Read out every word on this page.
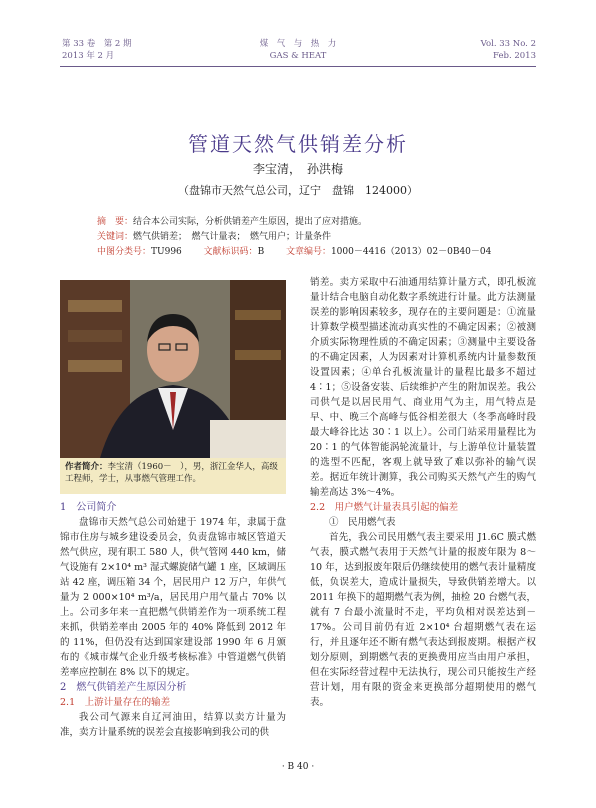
第 33 卷　第 2 期
2013 年 2 月
煤　气　与　热　力
GAS & HEAT
Vol. 33 No. 2
Feb. 2013
管道天然气供销差分析
李宝清，　孙洪梅
（盘锦市天然气总公司，辽宁　盘锦　124000）
摘　要：结合本公司实际，分析供销差产生原因，提出了应对措施。
关键词：燃气供销差；　燃气计量表；　燃气用户；计量条件
中图分类号：TU996 文献标识码：B 文章编号：1000－4416（2013）02－0B40－04
作者简介：李宝清（1960－　），男，浙江金华人，高级工程师，学士，从事燃气管理工作。
1　公司简介

盘锦市天然气总公司始建于 1974 年，隶属于盘锦市住房与城乡建设委员会，负责盘锦市城区管道天然气供应，现有职工 580 人，供气管网 440 km，储气设施有 2×10⁴ m³ 湿式螺旋储气罐 1 座，区域调压站 42 座，调压箱 34 个，居民用户 12 万户，年供气量为 2 000×10⁴ m³/a，居民用户用气量占 70% 以上。公司多年来一直把燃气供销差作为一项系统工程来抓，供销差率由 2005 年的 40% 降低到 2012 年的 11%，但仍没有达到国家建设部 1990 年 6 月颁布的《城市煤气企业升级考核标准》中管道燃气供销差率应控制在 8% 以下的规定。

2　燃气供销差产生原因分析
2.1　上游计量存在的输差

我公司气源来自辽河油田，结算以卖方计量为准，卖方计量系统的误差会直接影响到我公司的供

销差。卖方采取中石油通用结算计量方式，即孔板流量计结合电脑自动化数字系统进行计量。此方法测量误差的影响因素较多，现存在的主要问题是：①流量计算数学模型描述流动真实性的不确定因素；②被测介质实际物理性质的不确定因素；③测量中主要设备的不确定因素，人为因素对计算机系统内计量参数预设置因素；④单台孔板流量计的量程比最多不超过 4∶1；⑤设备安装、后续维护产生的附加误差。我公司供气是以居民用气、商业用气为主，用气特点是早、中、晚三个高峰与低谷相差很大（冬季高峰时段最大峰谷比达 30∶1 以上）。公司门站采用量程比为 20∶1 的气体智能涡轮流量计，与上游单位计量装置的选型不匹配，客观上就导致了难以弥补的输气误差。据近年统计测算，我公司购买天然气产生的购气输差高达 3%～4%。

2.2　用户燃气计量表具引起的偏差
①　民用燃气表

首先，我公司民用燃气表主要采用 J1.6C 膜式燃气表，膜式燃气表用于天然气计量的报废年限为 8～10 年，达到报废年限后仍继续使用的燃气表计量精度低，负误差大，造成计量损失，导致供销差增大。以 2011 年换下的超期燃气表为例，抽检 20 台燃气表，就有 7 台最小流量时不走，平均负相对误差达到－17%。公司目前仍有近 2×10⁴ 台超期燃气表在运行，并且逐年还不断有燃气表达到报废期。根据产权划分原则，到期燃气表的更换费用应当由用户承担，但在实际经营过程中无法执行，现公司只能按生产经营计划，用有限的资金来更换部分超期使用的燃气表。

· B 40 ·
